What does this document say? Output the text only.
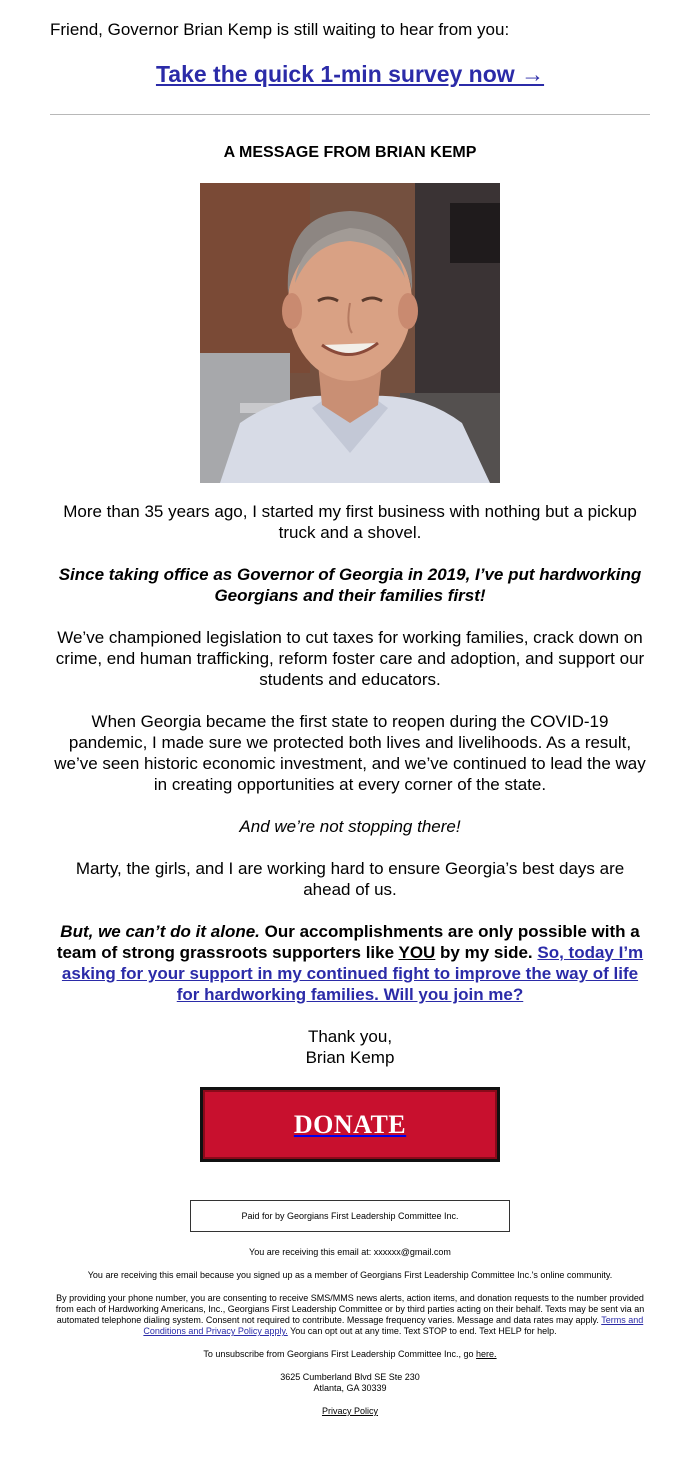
Friend, Governor Brian Kemp is still waiting to hear from you:

Take the quick 1-min survey now →
A MESSAGE FROM BRIAN KEMP

More than 35 years ago, I started my first business with nothing but a pickup truck and a shovel.

Since taking office as Governor of Georgia in 2019, I’ve put hardworking Georgians and their families first!

We’ve championed legislation to cut taxes for working families, crack down on crime, end human trafficking, reform foster care and adoption, and support our students and educators.

When Georgia became the first state to reopen during the COVID-19 pandemic, I made sure we protected both lives and livelihoods. As a result, we’ve seen historic economic investment, and we’ve continued to lead the way in creating opportunities at every corner of the state.

And we’re not stopping there!

Marty, the girls, and I are working hard to ensure Georgia’s best days are ahead of us.

But, we can’t do it alone. Our accomplishments are only possible with a team of strong grassroots supporters like YOU by my side. So, today I’m asking for your support in my continued fight to improve the way of life for hardworking families. Will you join me?

Thank you,

Brian Kemp

DONATE
Paid for by Georgians First Leadership Committee Inc.

You are receiving this email at: xxxxxx@gmail.com

You are receiving this email because you signed up as a member of Georgians First Leadership Committee Inc.'s online community.

By providing your phone number, you are consenting to receive SMS/MMS news alerts, action items, and donation requests to the number provided from each of Hardworking Americans, Inc., Georgians First Leadership Committee or by third parties acting on their behalf. Texts may be sent via an automated telephone dialing system. Consent not required to contribute. Message frequency varies. Message and data rates may apply. Terms and Conditions and Privacy Policy apply. You can opt out at any time. Text STOP to end. Text HELP for help.

To unsubscribe from Georgians First Leadership Committee Inc., go here.

3625 Cumberland Blvd SE Ste 230

Atlanta, GA 30339

Privacy Policy
